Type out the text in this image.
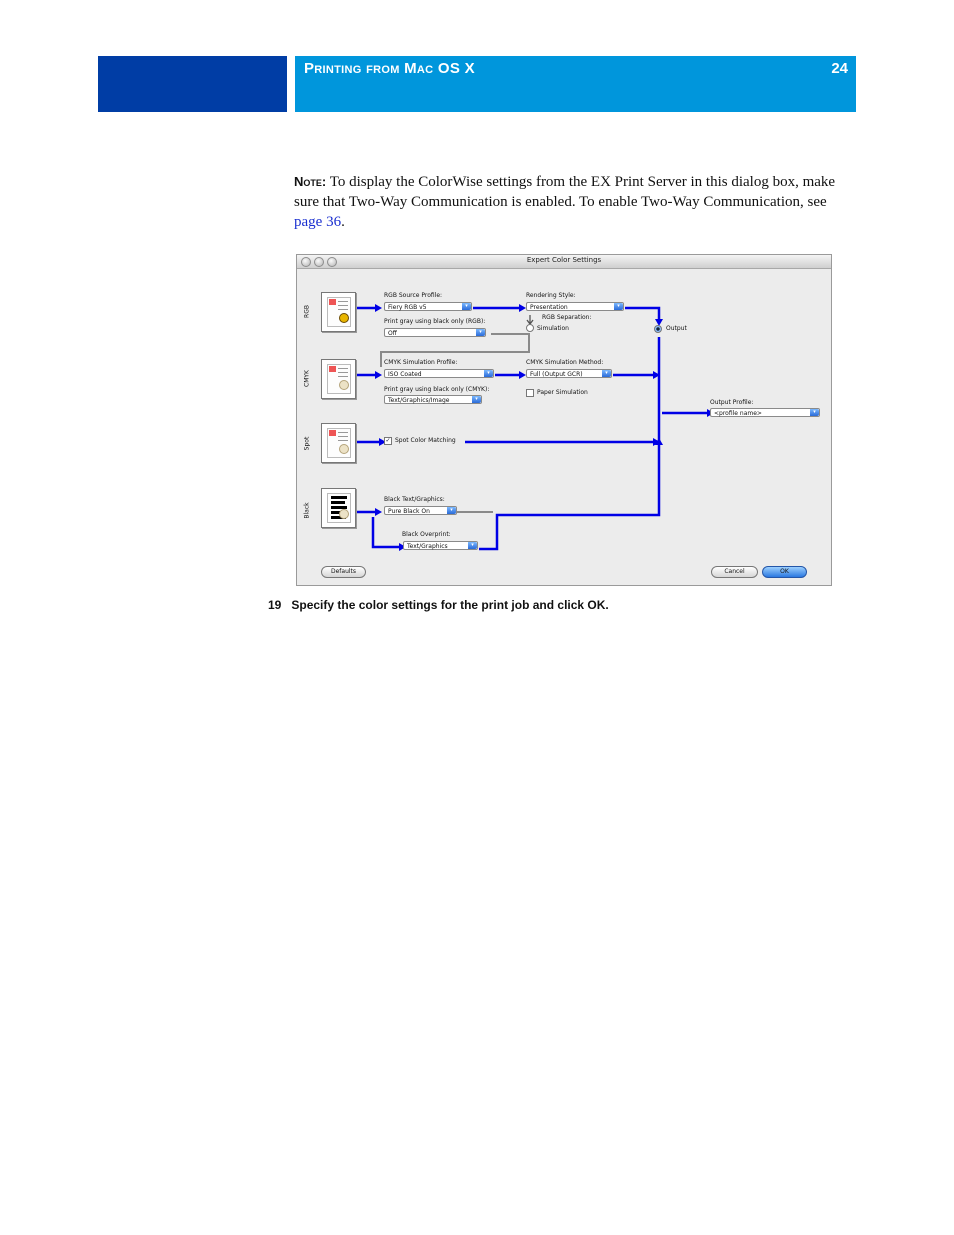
Printing from Mac OS X	24
Note: To display the ColorWise settings from the EX Print Server in this dialog box, make sure that Two-Way Communication is enabled. To enable Two-Way Communication, see page 36.
Expert Color Settings
RGB
CMYK
Spot
Black
RGB Source Profile:
Fiery RGB v5	▾
Print gray using black only (RGB):
Off	▾
Rendering Style:
Presentation	▾
RGB Separation:
Simulation	Output
CMYK Simulation Profile:
ISO Coated	▾
Print gray using black only (CMYK):
Text/Graphics/Image	▾
CMYK Simulation Method:
Full (Output GCR)	▾
Paper Simulation
Output Profile:
<profile name>	▾
✓ Spot Color Matching
Black Text/Graphics:
Pure Black On	▾
Black Overprint:
Text/Graphics	▾
Defaults	Cancel	OK
19 Specify the color settings for the print job and click OK.
